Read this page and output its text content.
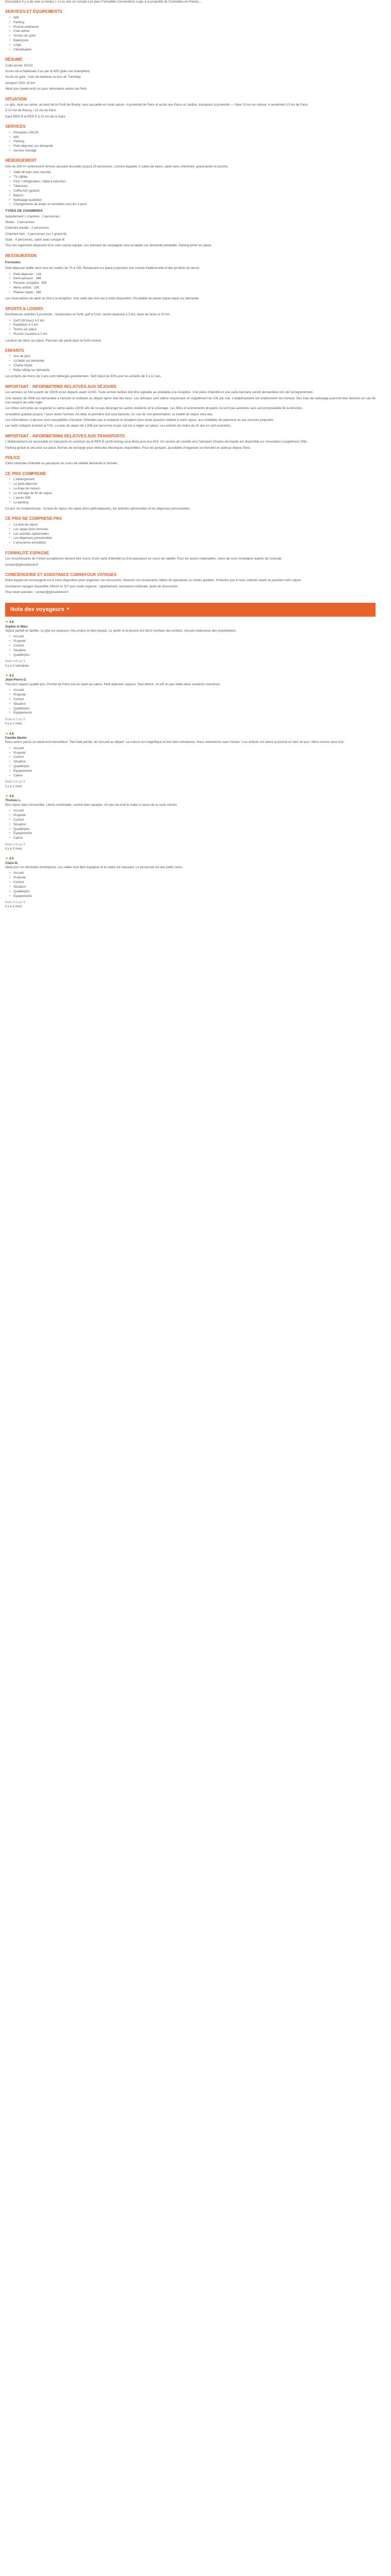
Description Il y a de cela un temps (~) Les avis en compte Les joies Formalités Conventions Logis à la propriété de Cormeilles-en-Parisis…

SERVICES ET ÉQUIPEMENTS
• Wifi
• Parking
• Piscine extérieure
• Chat admis
• Terrain de sport
• Balançoire
• Linge
• Climatisation
RÉSUMÉ

Code postal: 93110

Accès via la Nationale 3 ou par la N30 (jolie vue champêtre)

Accès en gare : train de banlieue ou bus de Tremblay

Aéroport CDG 15 km

Idéal pour (week-end) ou pour séminaires autour de Paris

SITUATION

Le gîte, situé au calme, au bord de la Forêt de Bondy, vous accueille en toute saison. A proximité de Paris et accès aux Parcs et Jardins, transports à proximité — Gare 15 mn en voiture. A seulement 13 km de Paris.

À 10 mn de Roissy / 15 mn de Paris

Gare RER B et RER E à 10 mn de la Gare

SERVICES
• Réception 24h/24
• Wifi
• Parking
• Petit-déjeuner sur demande
• Service ménage
HÉBERGEMENT

Gîte de 300 m² entièrement rénové, pouvant accueillir jusqu'à 20 personnes. Cuisine équipée, 3 salles de bains, salon avec cheminée, grand jardin et piscine.

• Salle de bain avec douche
• TV câblée
• Four / réfrigérateur / table à induction
• Télévision
• Coffre-fort (gratuit)
• Balcon
• Nettoyage quotidien
• Changements de draps et serviettes tous les 3 jours
TYPES DE CHAMBRES

Appartement 1 chambre : 2 personnes

Studio : 2 personnes

Chambre double : 2 personnes

Chambre twin : 2 personnes (ou 1 grand lit)

Suite : 4 personnes, salon avec canapé-lit

Tous les logements disposent d'un coin cuisine équipé. Les animaux de compagnie sont acceptés sur demande préalable. Parking privé sur place.

RESTAURATION
Formules

Petit-déjeuner buffet servi tous les matins de 7h à 10h. Restaurant sur place proposant une cuisine traditionnelle et des produits du terroir.

• Petit-déjeuner : 12€
• Demi-pension : 38€
• Pension complète : 55€
• Menu enfant : 15€
• Plateau repas : 18€

Les réservations de table se font à la réception. Une carte des vins est à votre disposition. Possibilité de panier pique-nique sur demande.

SPORTS & LOISIRS

Nombreuses activités à proximité : randonnées en forêt, golf à 5 km, centre équestre à 3 km, base de loisirs à 10 km.

• Golf (18 trous) à 5 km
• Équitation à 3 km
• Tennis sur place
• Piscine couverte à 2 km

Location de vélos sur place. Parcours de santé dans la forêt voisine.

ENFANTS
• Aire de jeux
• Lit bébé sur demande
• Chaise haute
• Baby-sitting sur demande

Les enfants de moins de 3 ans sont hébergés gratuitement. Tarif réduit de 50% pour les enfants de 3 à 12 ans.

IMPORTANT - INFORMATIONS RELATIVES AUX SÉJOURS

Les arrivées se font à partir de 15h00 et les départs avant 11h00. Toute arrivée tardive doit être signalée au préalable à la réception. Une pièce d'identité et une carte bancaire seront demandées lors de l'enregistrement.

Une caution de 300€ est demandée à l'arrivée et restituée au départ après état des lieux. Les animaux sont admis moyennant un supplément de 10€ par nuit. L'établissement est entièrement non-fumeur. Des frais de nettoyage pourront être facturés en cas de non-respect de cette règle.

Les hôtes sont priés de respecter le calme après 22h00 afin de ne pas déranger les autres résidents et le voisinage. Les fêtes et événements bruyants ne sont pas autorisés sans accord préalable de la direction.

Annulation gratuite jusqu'à 7 jours avant l'arrivée. Au-delà, la première nuit sera facturée. En cas de non-présentation, la totalité du séjour sera due.

Les informations ci-dessus sont susceptibles d'évoluer. N'hésitez pas à contacter la réception pour toute question relative à votre séjour, aux modalités de paiement ou aux services proposés.

Les tarifs indiqués incluent la TVA. La taxe de séjour de 1,50€ par personne et par nuit est à régler sur place. Les enfants de moins de 18 ans en sont exonérés.

IMPORTANT - INFORMATIONS RELATIVES AUX TRANSPORTS

L'établissement est accessible en transports en commun via le RER B (arrêt Aulnay-sous-Bois) puis bus 615. Un service de navette vers l'aéroport Charles-de-Gaulle est disponible sur réservation (supplément 25€).

Parking gratuit et sécurisé sur place. Bornes de recharge pour véhicules électriques disponibles. Pour les groupes, possibilité d'organiser un transfert en autocar depuis Paris.

POLICE

Carte nationale d'identité ou passeport en cours de validité demandé à l'arrivée.

CE PRIX COMPREND
• L'hébergement
• Le petit-déjeuner
• Le linge de maison
• Le ménage de fin de séjour
• L'accès Wifi
• Le parking

Ce prix ne comprend pas : la taxe de séjour, les repas (hors petit-déjeuner), les activités optionnelles et les dépenses personnelles.

CE PRIX NE COMPREND PAS
• La taxe de séjour
• Les repas (hors formule)
• Les activités optionnelles
• Les dépenses personnelles
• L'assurance annulation
FORMALITÉ ESPAGNE

Les ressortissants de l'Union européenne doivent être munis d'une carte d'identité ou d'un passeport en cours de validité. Pour les autres nationalités, merci de vous renseigner auprès du consulat.

contact@gitesdeforet.fr

CONCIERGERIE ET ASSISTANCE CARREFOUR VOYAGES

Notre équipe de conciergerie est à votre disposition pour organiser vos excursions, réserver vos restaurants, billets de spectacles ou visites guidées. N'hésitez pas à nous solliciter avant ou pendant votre séjour.

Assistance voyages disponible 24h/24 et 7j/7 pour toute urgence : rapatriement, assistance médicale, perte de documents.

Pour toute question : contact@gitesdeforet.fr

Note des voyageurs ▼
★ 4.6
Sophie et Marc

Séjour parfait en famille. Le gîte est spacieux, très propre et bien équipé. Le jardin et la piscine ont fait le bonheur des enfants. Accueil chaleureux des propriétaires.

• Accueil
• Propreté
• Confort
• Situation
• Qualité/prix
Noté 4.6 sur 5
il y a 2 semaines
★ 4.2
Jean-Pierre D.

Très bon rapport qualité-prix. Proche de Paris tout en étant au calme. Petit-déjeuner copieux. Seul bémol : le wifi un peu faible dans certaines chambres.

• Accueil
• Propreté
• Confort
• Situation
• Qualité/prix
• Équipements
Noté 4.2 sur 5
il y a 1 mois
★ 4.8
Famille Martin

Nous avons passé un week-end merveilleux. Tout était parfait, de l'accueil au départ. La maison est magnifique et très bien entretenue. Nous reviendrons sans hésiter ! Les enfants ont adoré la piscine et l'aire de jeux. Merci encore pour tout.

• Accueil
• Propreté
• Confort
• Situation
• Qualité/prix
• Équipements
• Calme
Noté 4.8 sur 5
il y a 2 mois
★ 3.9
Thomas L.

Bon séjour dans l'ensemble. Literie confortable, cuisine bien équipée. Un peu de bruit le matin à cause de la route voisine.

• Accueil
• Propreté
• Confort
• Situation
• Qualité/prix
• Équipements
• Calme
Noté 3.9 sur 5
il y a 3 mois
★ 4.5
Claire B.

Idéal pour un séminaire d'entreprise. Les salles sont bien équipées et le cadre est reposant. Le personnel est aux petits soins.

• Accueil
• Propreté
• Confort
• Situation
• Qualité/prix
• Équipements
Noté 4.5 sur 5
il y a 4 mois
